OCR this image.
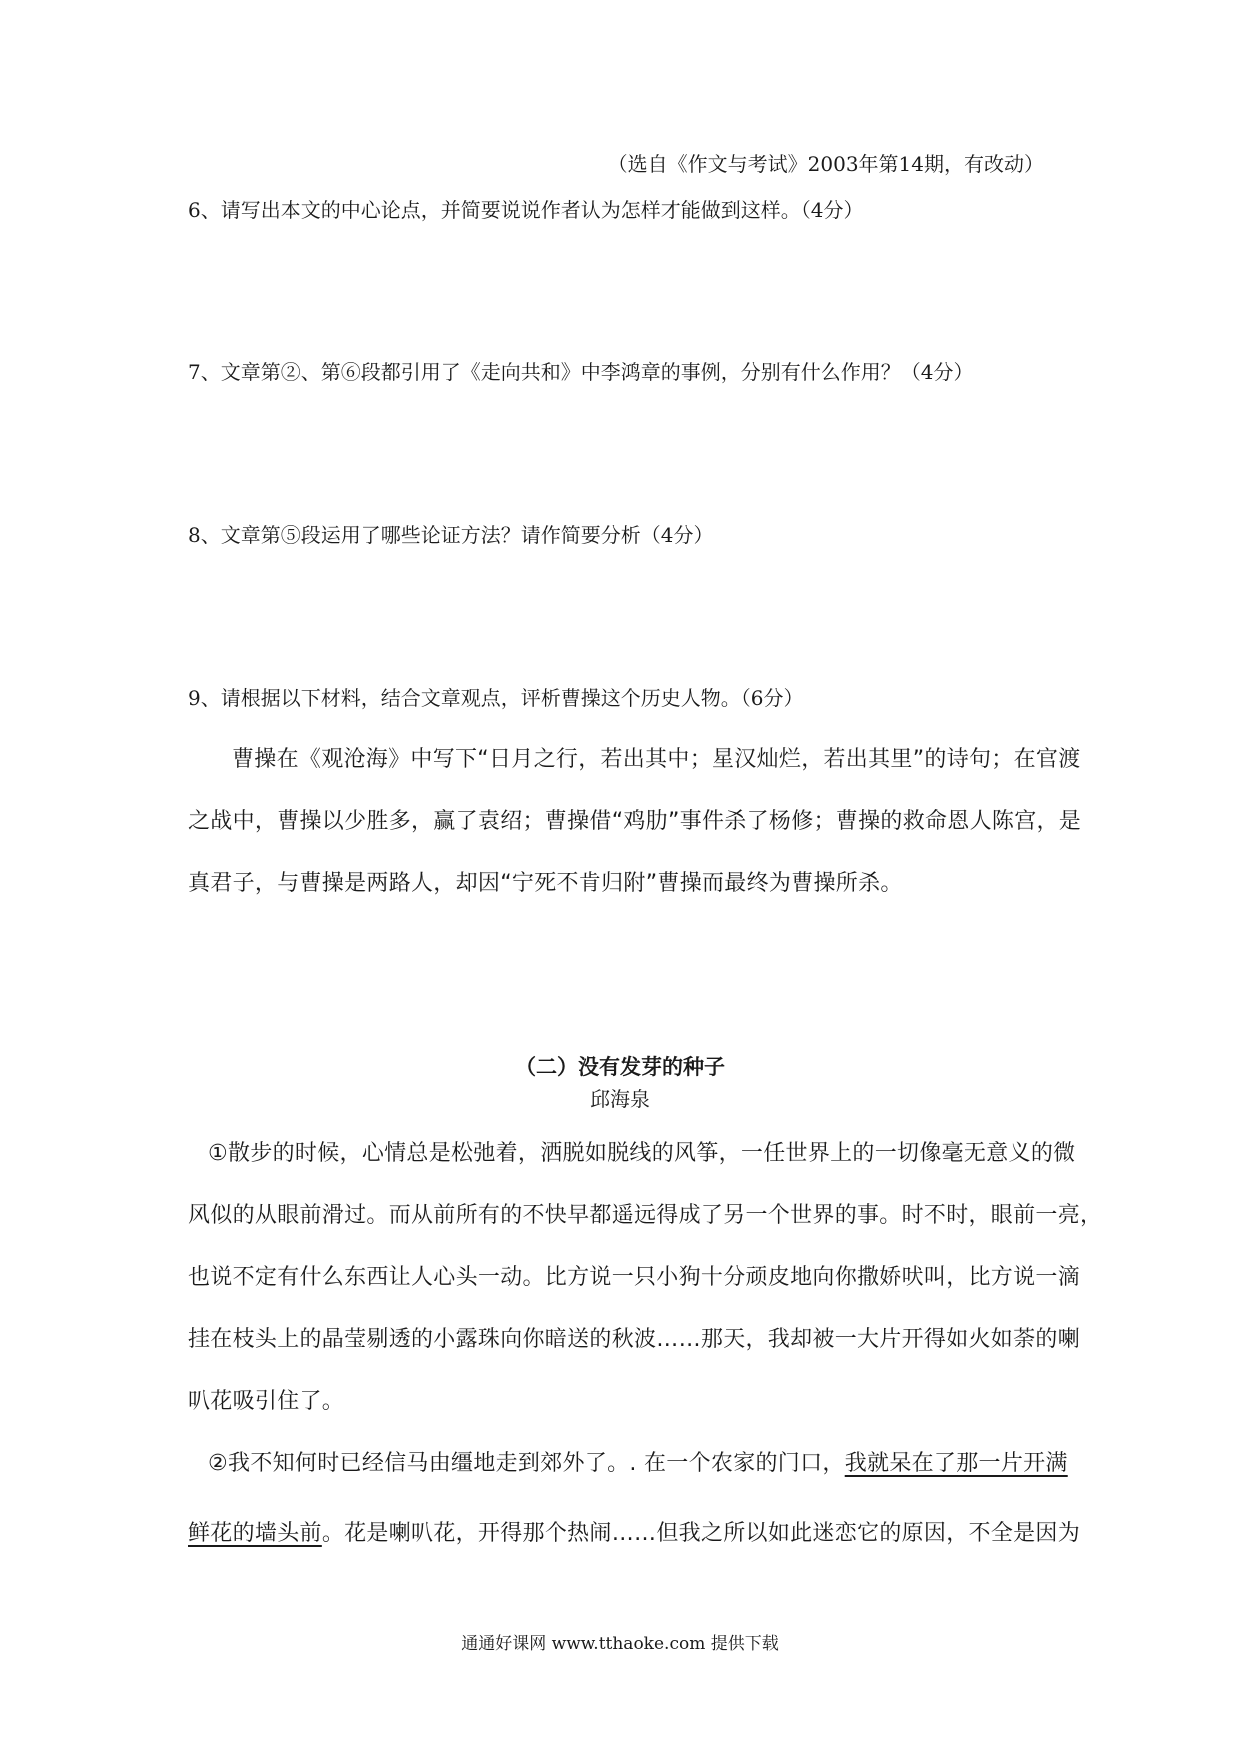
（选自《作文与考试》2003年第14期，有改动）
6、请写出本文的中心论点，并简要说说作者认为怎样才能做到这样。（4分）
7、文章第②、第⑥段都引用了《走向共和》中李鸿章的事例，分别有什么作用？（4分）
8、文章第⑤段运用了哪些论证方法？请作简要分析（4分）
9、请根据以下材料，结合文章观点，评析曹操这个历史人物。（6分）
曹操在《观沧海》中写下“日月之行，若出其中；星汉灿烂，若出其里”的诗句；在官渡
之战中，曹操以少胜多，赢了袁绍；曹操借“鸡肋”事件杀了杨修；曹操的救命恩人陈宫，是
真君子，与曹操是两路人，却因“宁死不肯归附”曹操而最终为曹操所杀。
（二）没有发芽的种子
邱海泉
①散步的时候，心情总是松弛着，洒脱如脱线的风筝，一任世界上的一切像毫无意义的微
风似的从眼前滑过。而从前所有的不快早都遥远得成了另一个世界的事。时不时，眼前一亮，
也说不定有什么东西让人心头一动。比方说一只小狗十分顽皮地向你撒娇吠叫，比方说一滴
挂在枝头上的晶莹剔透的小露珠向你暗送的秋波……那天，我却被一大片开得如火如荼的喇
叭花吸引住了。
②我不知何时已经信马由缰地走到郊外了。. 在一个农家的门口，我就呆在了那一片开满
鲜花的墙头前。花是喇叭花，开得那个热闹……但我之所以如此迷恋它的原因，不全是因为
通通好课网 www.tthaoke.com 提供下载
